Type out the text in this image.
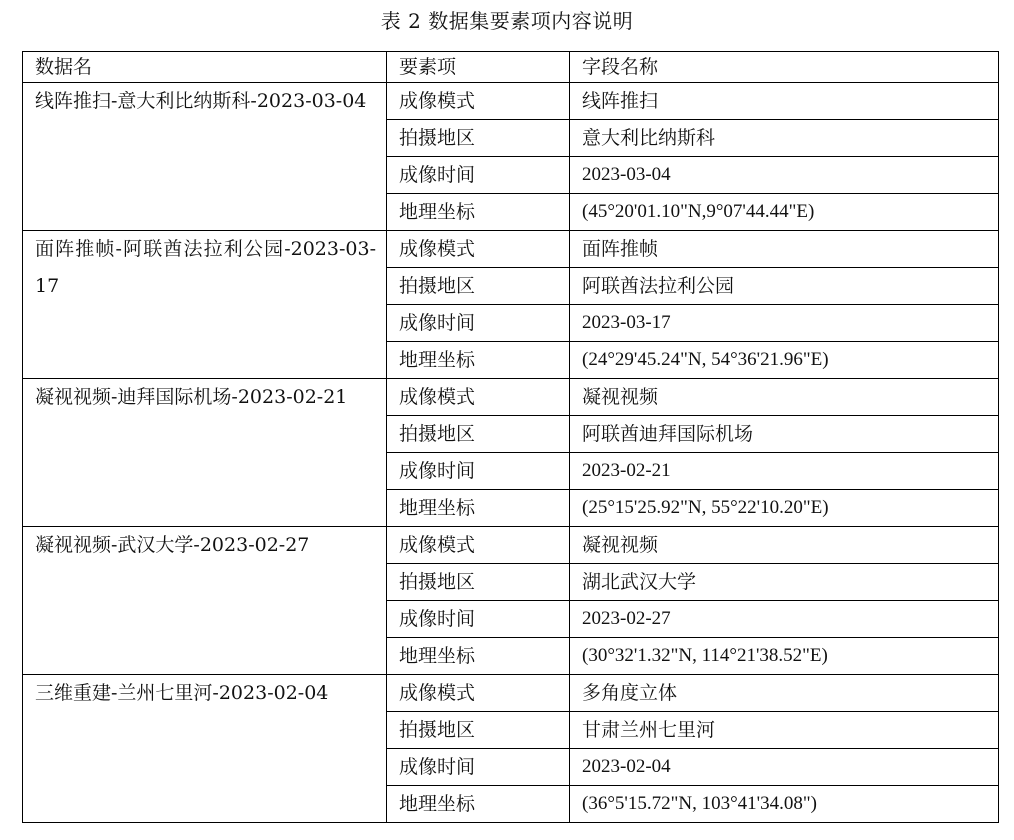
表 2 数据集要素项内容说明
数据名	要素项	字段名称
线阵推扫-意大利比纳斯科-2023-03-04	成像模式	线阵推扫
	拍摄地区	意大利比纳斯科
	成像时间	2023-03-04
	地理坐标	(45°20'01.10"N,9°07'44.44"E)
面阵推帧-阿联酋法拉利公园-2023-03-17	成像模式	面阵推帧
	拍摄地区	阿联酋法拉利公园
	成像时间	2023-03-17
	地理坐标	(24°29'45.24"N, 54°36'21.96"E)
凝视视频-迪拜国际机场-2023-02-21	成像模式	凝视视频
	拍摄地区	阿联酋迪拜国际机场
	成像时间	2023-02-21
	地理坐标	(25°15'25.92"N, 55°22'10.20"E)
凝视视频-武汉大学-2023-02-27	成像模式	凝视视频
	拍摄地区	湖北武汉大学
	成像时间	2023-02-27
	地理坐标	(30°32'1.32"N, 114°21'38.52"E)
三维重建-兰州七里河-2023-02-04	成像模式	多角度立体
	拍摄地区	甘肃兰州七里河
	成像时间	2023-02-04
	地理坐标	(36°5'15.72"N, 103°41'34.08")
